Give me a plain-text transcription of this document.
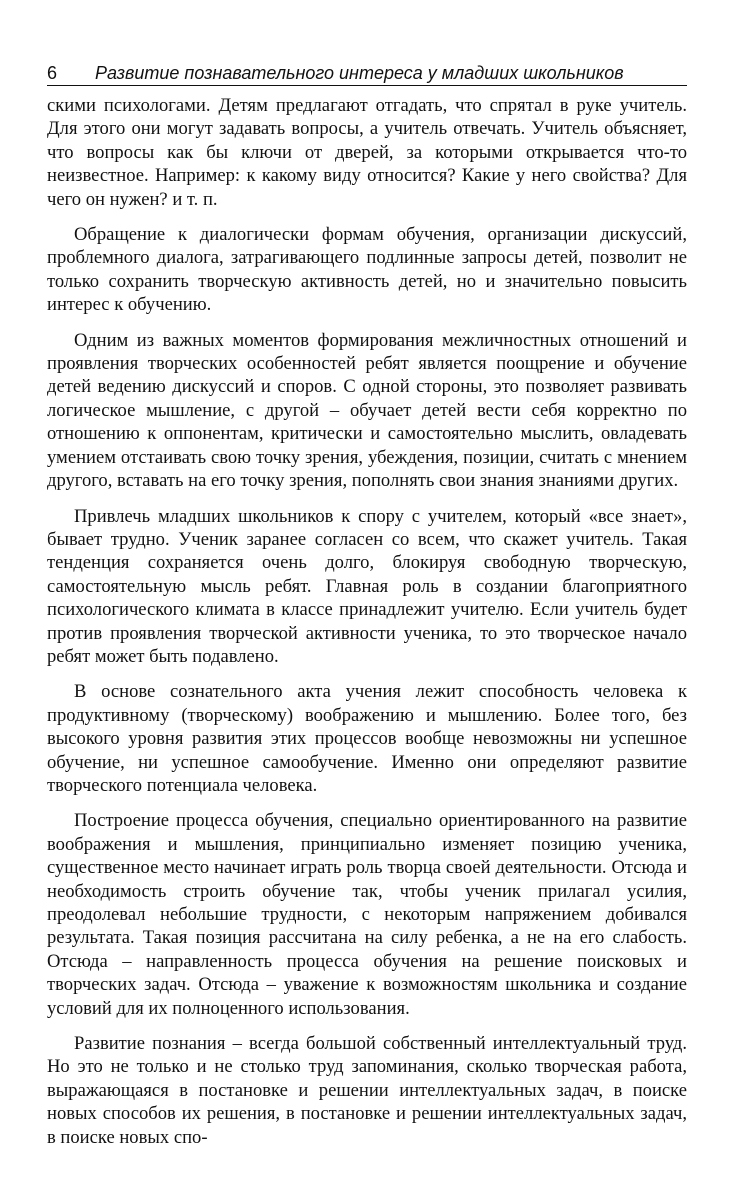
6	Развитие познавательного интереса у младших школьников

скими психологами. Детям предлагают отгадать, что спрятал в руке учитель. Для этого они могут задавать вопросы, а учитель отвечать. Учитель объясняет, что вопросы как бы ключи от дверей, за которыми открывается что-то неизвестное. Например: к какому виду относится? Какие у него свойства? Для чего он нужен? и т. п.

Обращение к диалогически формам обучения, организации дискуссий, проблемного диалога, затрагивающего подлинные запросы детей, позволит не только сохранить творческую активность детей, но и значительно повысить интерес к обучению.

Одним из важных моментов формирования межличностных отношений и проявления творческих особенностей ребят является поощрение и обучение детей ведению дискуссий и споров. С одной стороны, это позволяет развивать логическое мышление, с другой – обучает детей вести себя корректно по отношению к оппонентам, критически и самостоятельно мыслить, овладевать умением отстаивать свою точку зрения, убеждения, позиции, считать с мнением другого, вставать на его точку зрения, пополнять свои знания знаниями других.

Привлечь младших школьников к спору с учителем, который «все знает», бывает трудно. Ученик заранее согласен со всем, что скажет учитель. Такая тенденция сохраняется очень долго, блокируя свободную творческую, самостоятельную мысль ребят. Главная роль в создании благоприятного психологического климата в классе принадлежит учителю. Если учитель будет против проявления творческой активности ученика, то это творческое начало ребят может быть подавлено.

В основе сознательного акта учения лежит способность человека к продуктивному (творческому) воображению и мышлению. Более того, без высокого уровня развития этих процессов вообще невозможны ни успешное обучение, ни успешное самообучение. Именно они определяют развитие творческого потенциала человека.

Построение процесса обучения, специально ориентированного на развитие воображения и мышления, принципиально изменяет позицию ученика, существенное место начинает играть роль творца своей деятельности. Отсюда и необходимость строить обучение так, чтобы ученик прилагал усилия, преодолевал небольшие трудности, с некоторым напряжением добивался результата. Такая позиция рассчитана на силу ребенка, а не на его слабость. Отсюда – направленность процесса обучения на решение поисковых и творческих задач. Отсюда – уважение к возможностям школьника и создание условий для их полноценного использования.

Развитие познания – всегда большой собственный интеллектуальный труд. Но это не только и не столько труд запоминания, сколько творческая работа, выражающаяся в постановке и решении интеллектуальных задач, в поиске новых способов их решения, в постановке и решении интеллектуальных задач, в поиске новых спо-
